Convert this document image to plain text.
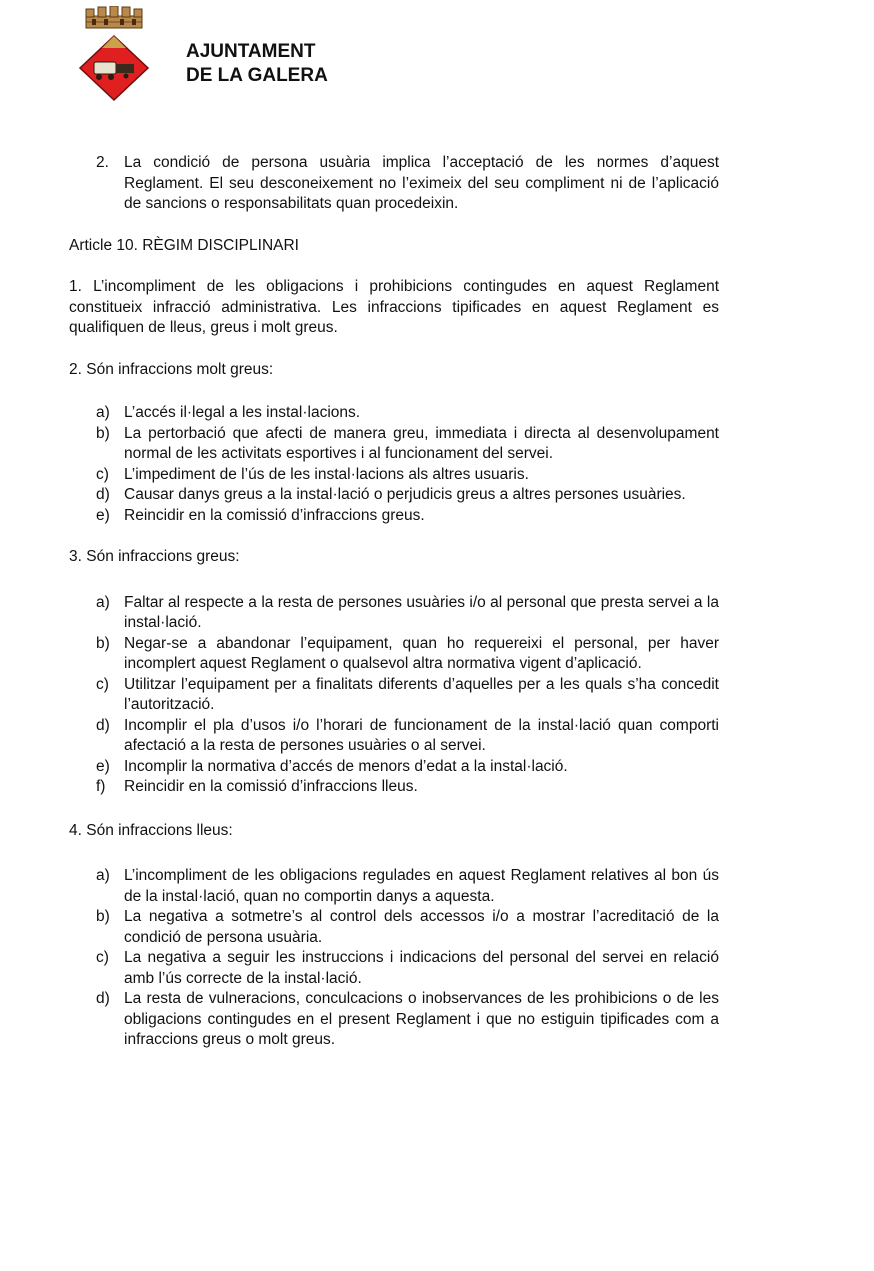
AJUNTAMENT
DE LA GALERA
2. La condició de persona usuària implica l’acceptació de les normes d’aquest Reglament. El seu desconeixement no l’eximeix del seu compliment ni de l’aplicació de sancions o responsabilitats quan procedeixin.

Article 10. RÈGIM DISCIPLINARI

1. L’incompliment de les obligacions i prohibicions contingudes en aquest Reglament constitueix infracció administrativa. Les infraccions tipificades en aquest Reglament es qualifiquen de lleus, greus i molt greus.

2. Són infraccions molt greus:

a) L’accés il·legal a les instal·lacions.
b) La pertorbació que afecti de manera greu, immediata i directa al desenvolupament normal de les activitats esportives i al funcionament del servei.
c) L’impediment de l’ús de les instal·lacions als altres usuaris.
d) Causar danys greus a la instal·lació o perjudicis greus a altres persones usuàries.
e) Reincidir en la comissió d’infraccions greus.

3. Són infraccions greus:

a) Faltar al respecte a la resta de persones usuàries i/o al personal que presta servei a la instal·lació.
b) Negar-se a abandonar l’equipament, quan ho requereixi el personal, per haver incomplert aquest Reglament o qualsevol altra normativa vigent d’aplicació.
c) Utilitzar l’equipament per a finalitats diferents d’aquelles per a les quals s’ha concedit l’autorització.
d) Incomplir el pla d’usos i/o l’horari de funcionament de la instal·lació quan comporti afectació a la resta de persones usuàries o al servei.
e) Incomplir la normativa d’accés de menors d’edat a la instal·lació.
f)	Reincidir en la comissió d’infraccions lleus.

4. Són infraccions lleus:

a) L’incompliment de les obligacions regulades en aquest Reglament relatives al bon ús de la instal·lació, quan no comportin danys a aquesta.
b) La negativa a sotmetre’s al control dels accessos i/o a mostrar l’acreditació de la condició de persona usuària.
c) La negativa a seguir les instruccions i indicacions del personal del servei en relació amb l’ús correcte de la instal·lació.
d) La resta de vulneracions, conculcacions o inobservances de les prohibicions o de les obligacions contingudes en el present Reglament i que no estiguin tipificades com a infraccions greus o molt greus.
